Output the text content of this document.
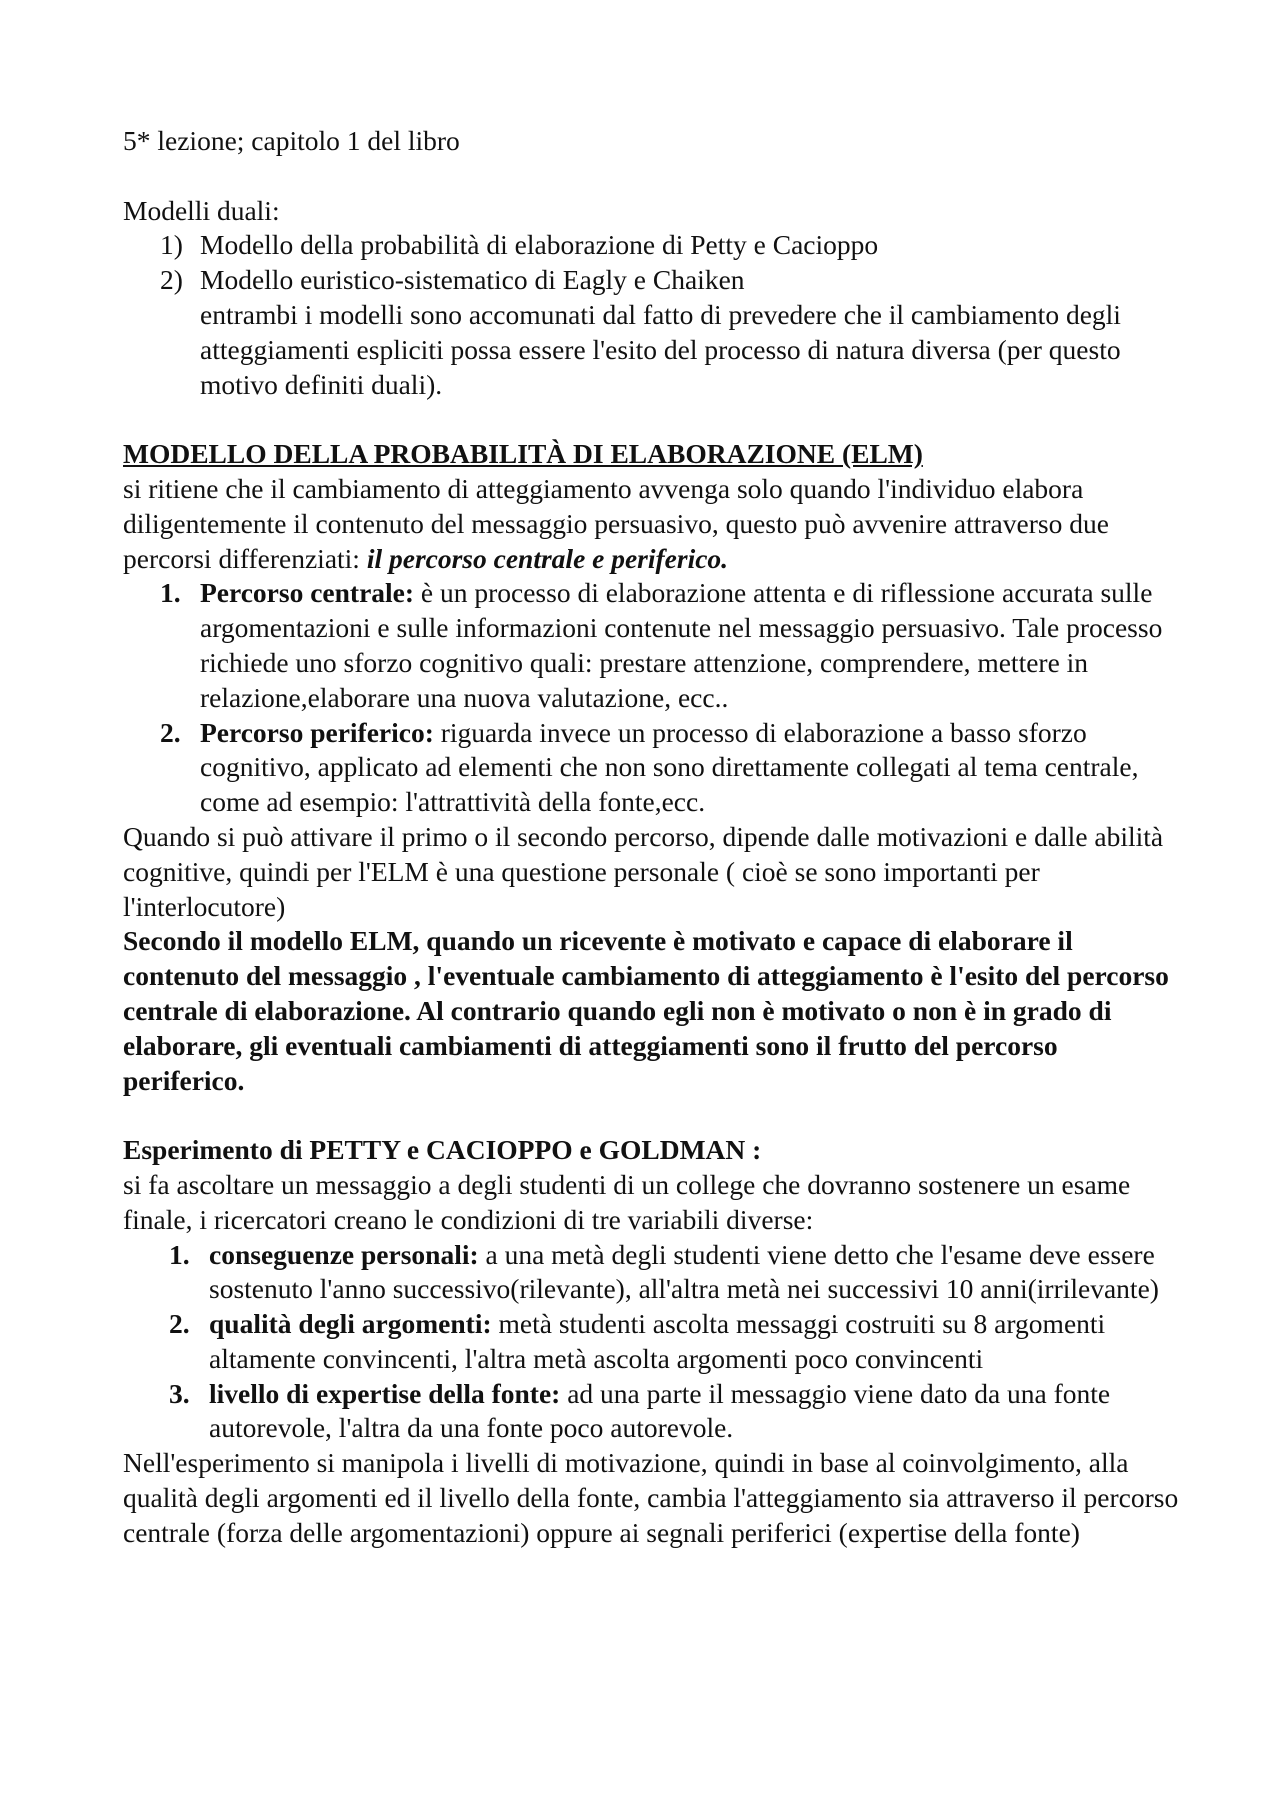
5* lezione; capitolo 1 del libro

Modelli duali:

1) Modello della probabilità di elaborazione di Petty e Cacioppo
2) Modello euristico-sistematico di Eagly e Chaiken

entrambi i modelli sono accomunati dal fatto di prevedere che il cambiamento degli atteggiamenti espliciti possa essere l'esito del processo di natura diversa (per questo motivo definiti duali).

MODELLO DELLA PROBABILITÀ DI ELABORAZIONE (ELM)

si ritiene che il cambiamento di atteggiamento avvenga solo quando l'individuo elabora diligentemente il contenuto del messaggio persuasivo, questo può avvenire attraverso due percorsi differenziati: il percorso centrale e periferico.

1. Percorso centrale: è un processo di elaborazione attenta e di riflessione accurata sulle argomentazioni e sulle informazioni contenute nel messaggio persuasivo. Tale processo richiede uno sforzo cognitivo quali: prestare attenzione, comprendere, mettere in relazione,elaborare una nuova valutazione, ecc..
2. Percorso periferico: riguarda invece un processo di elaborazione a basso sforzo cognitivo, applicato ad elementi che non sono direttamente collegati al tema centrale, come ad esempio: l'attrattività della fonte,ecc.

Quando si può attivare il primo o il secondo percorso, dipende dalle motivazioni e dalle abilità cognitive, quindi per l'ELM è una questione personale ( cioè se sono importanti per l'interlocutore)

Secondo il modello ELM, quando un ricevente è motivato e capace di elaborare il contenuto del messaggio , l'eventuale cambiamento di atteggiamento è l'esito del percorso centrale di elaborazione. Al contrario quando egli non è motivato o non è in grado di elaborare, gli eventuali cambiamenti di atteggiamenti sono il frutto del percorso periferico.

Esperimento di PETTY e CACIOPPO e GOLDMAN :

si fa ascoltare un messaggio a degli studenti di un college che dovranno sostenere un esame finale, i ricercatori creano le condizioni di tre variabili diverse:

1. conseguenze personali: a una metà degli studenti viene detto che l'esame deve essere sostenuto l'anno successivo(rilevante), all'altra metà nei successivi 10 anni(irrilevante)
2. qualità degli argomenti: metà studenti ascolta messaggi costruiti su 8 argomenti altamente convincenti, l'altra metà ascolta argomenti poco convincenti
3. livello di expertise della fonte: ad una parte il messaggio viene dato da una fonte autorevole, l'altra da una fonte poco autorevole.

Nell'esperimento si manipola i livelli di motivazione, quindi in base al coinvolgimento, alla qualità degli argomenti ed il livello della fonte, cambia l'atteggiamento sia attraverso il percorso centrale (forza delle argomentazioni) oppure ai segnali periferici (expertise della fonte)
